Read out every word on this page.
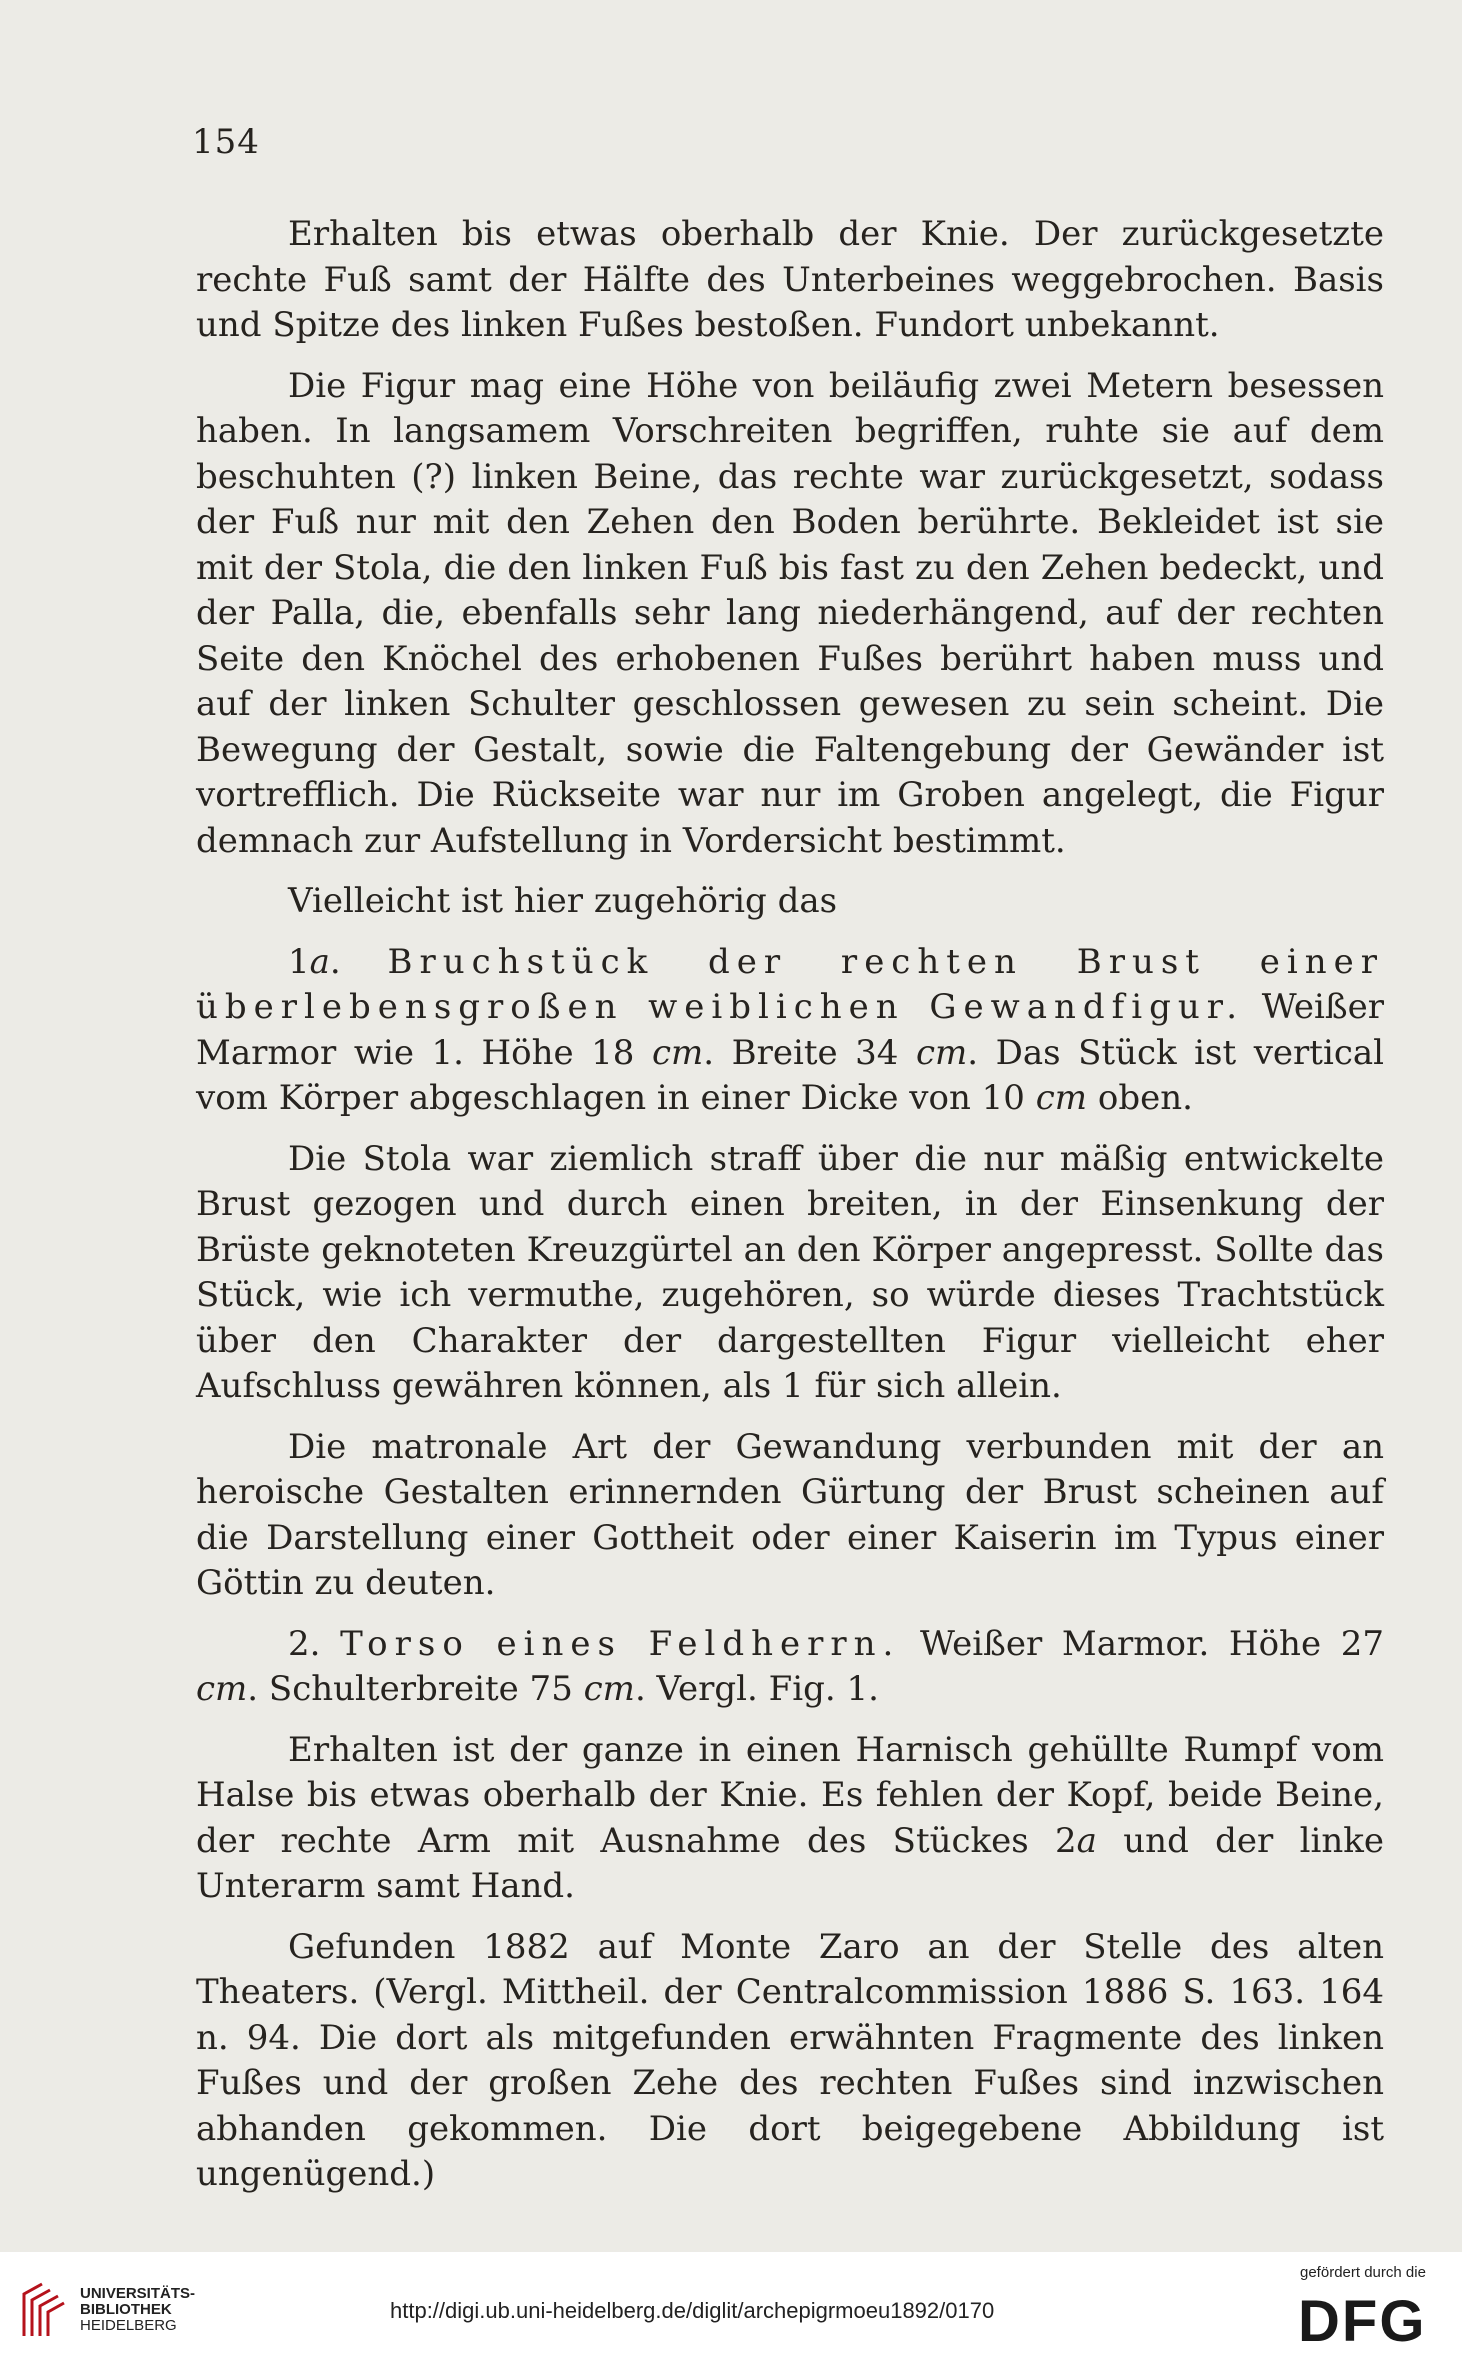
154

Erhalten bis etwas oberhalb der Knie. Der zurückgesetzte rechte Fuß samt der Hälfte des Unterbeines weggebrochen. Basis und Spitze des linken Fußes bestoßen. Fundort unbekannt.

Die Figur mag eine Höhe von beiläufig zwei Metern besessen haben. In langsamem Vorschreiten begriffen, ruhte sie auf dem beschuhten (?) linken Beine, das rechte war zurückgesetzt, sodass der Fuß nur mit den Zehen den Boden berührte. Bekleidet ist sie mit der Stola, die den linken Fuß bis fast zu den Zehen bedeckt, und der Palla, die, ebenfalls sehr lang niederhängend, auf der rechten Seite den Knöchel des erhobenen Fußes berührt haben muss und auf der linken Schulter geschlossen gewesen zu sein scheint. Die Bewegung der Gestalt, sowie die Faltengebung der Gewänder ist vortrefflich. Die Rückseite war nur im Groben angelegt, die Figur demnach zur Aufstellung in Vordersicht bestimmt.

Vielleicht ist hier zugehörig das

1a. Bruchstück der rechten Brust einer überlebensgroßen weiblichen Gewandfigur. Weißer Marmor wie 1. Höhe 18 cm. Breite 34 cm. Das Stück ist vertical vom Körper abgeschlagen in einer Dicke von 10 cm oben.

Die Stola war ziemlich straff über die nur mäßig entwickelte Brust gezogen und durch einen breiten, in der Einsenkung der Brüste geknoteten Kreuzgürtel an den Körper angepresst. Sollte das Stück, wie ich vermuthe, zugehören, so würde dieses Trachtstück über den Charakter der dargestellten Figur vielleicht eher Aufschluss gewähren können, als 1 für sich allein.

Die matronale Art der Gewandung verbunden mit der an heroische Gestalten erinnernden Gürtung der Brust scheinen auf die Darstellung einer Gottheit oder einer Kaiserin im Typus einer Göttin zu deuten.

2. Torso eines Feldherrn. Weißer Marmor. Höhe 27 cm. Schulterbreite 75 cm. Vergl. Fig. 1.

Erhalten ist der ganze in einen Harnisch gehüllte Rumpf vom Halse bis etwas oberhalb der Knie. Es fehlen der Kopf, beide Beine, der rechte Arm mit Ausnahme des Stückes 2a und der linke Unterarm samt Hand.

Gefunden 1882 auf Monte Zaro an der Stelle des alten Theaters. (Vergl. Mittheil. der Centralcommission 1886 S. 163. 164 n. 94. Die dort als mitgefunden erwähnten Fragmente des linken Fußes und der großen Zehe des rechten Fußes sind inzwischen abhanden gekommen. Die dort beigegebene Abbildung ist ungenügend.)

UNIVERSITÄTS-
BIBLIOTHEK
HEIDELBERG
http://digi.ub.uni-heidelberg.de/diglit/archepigrmoeu1892/0170
gefördert durch die
DFG
